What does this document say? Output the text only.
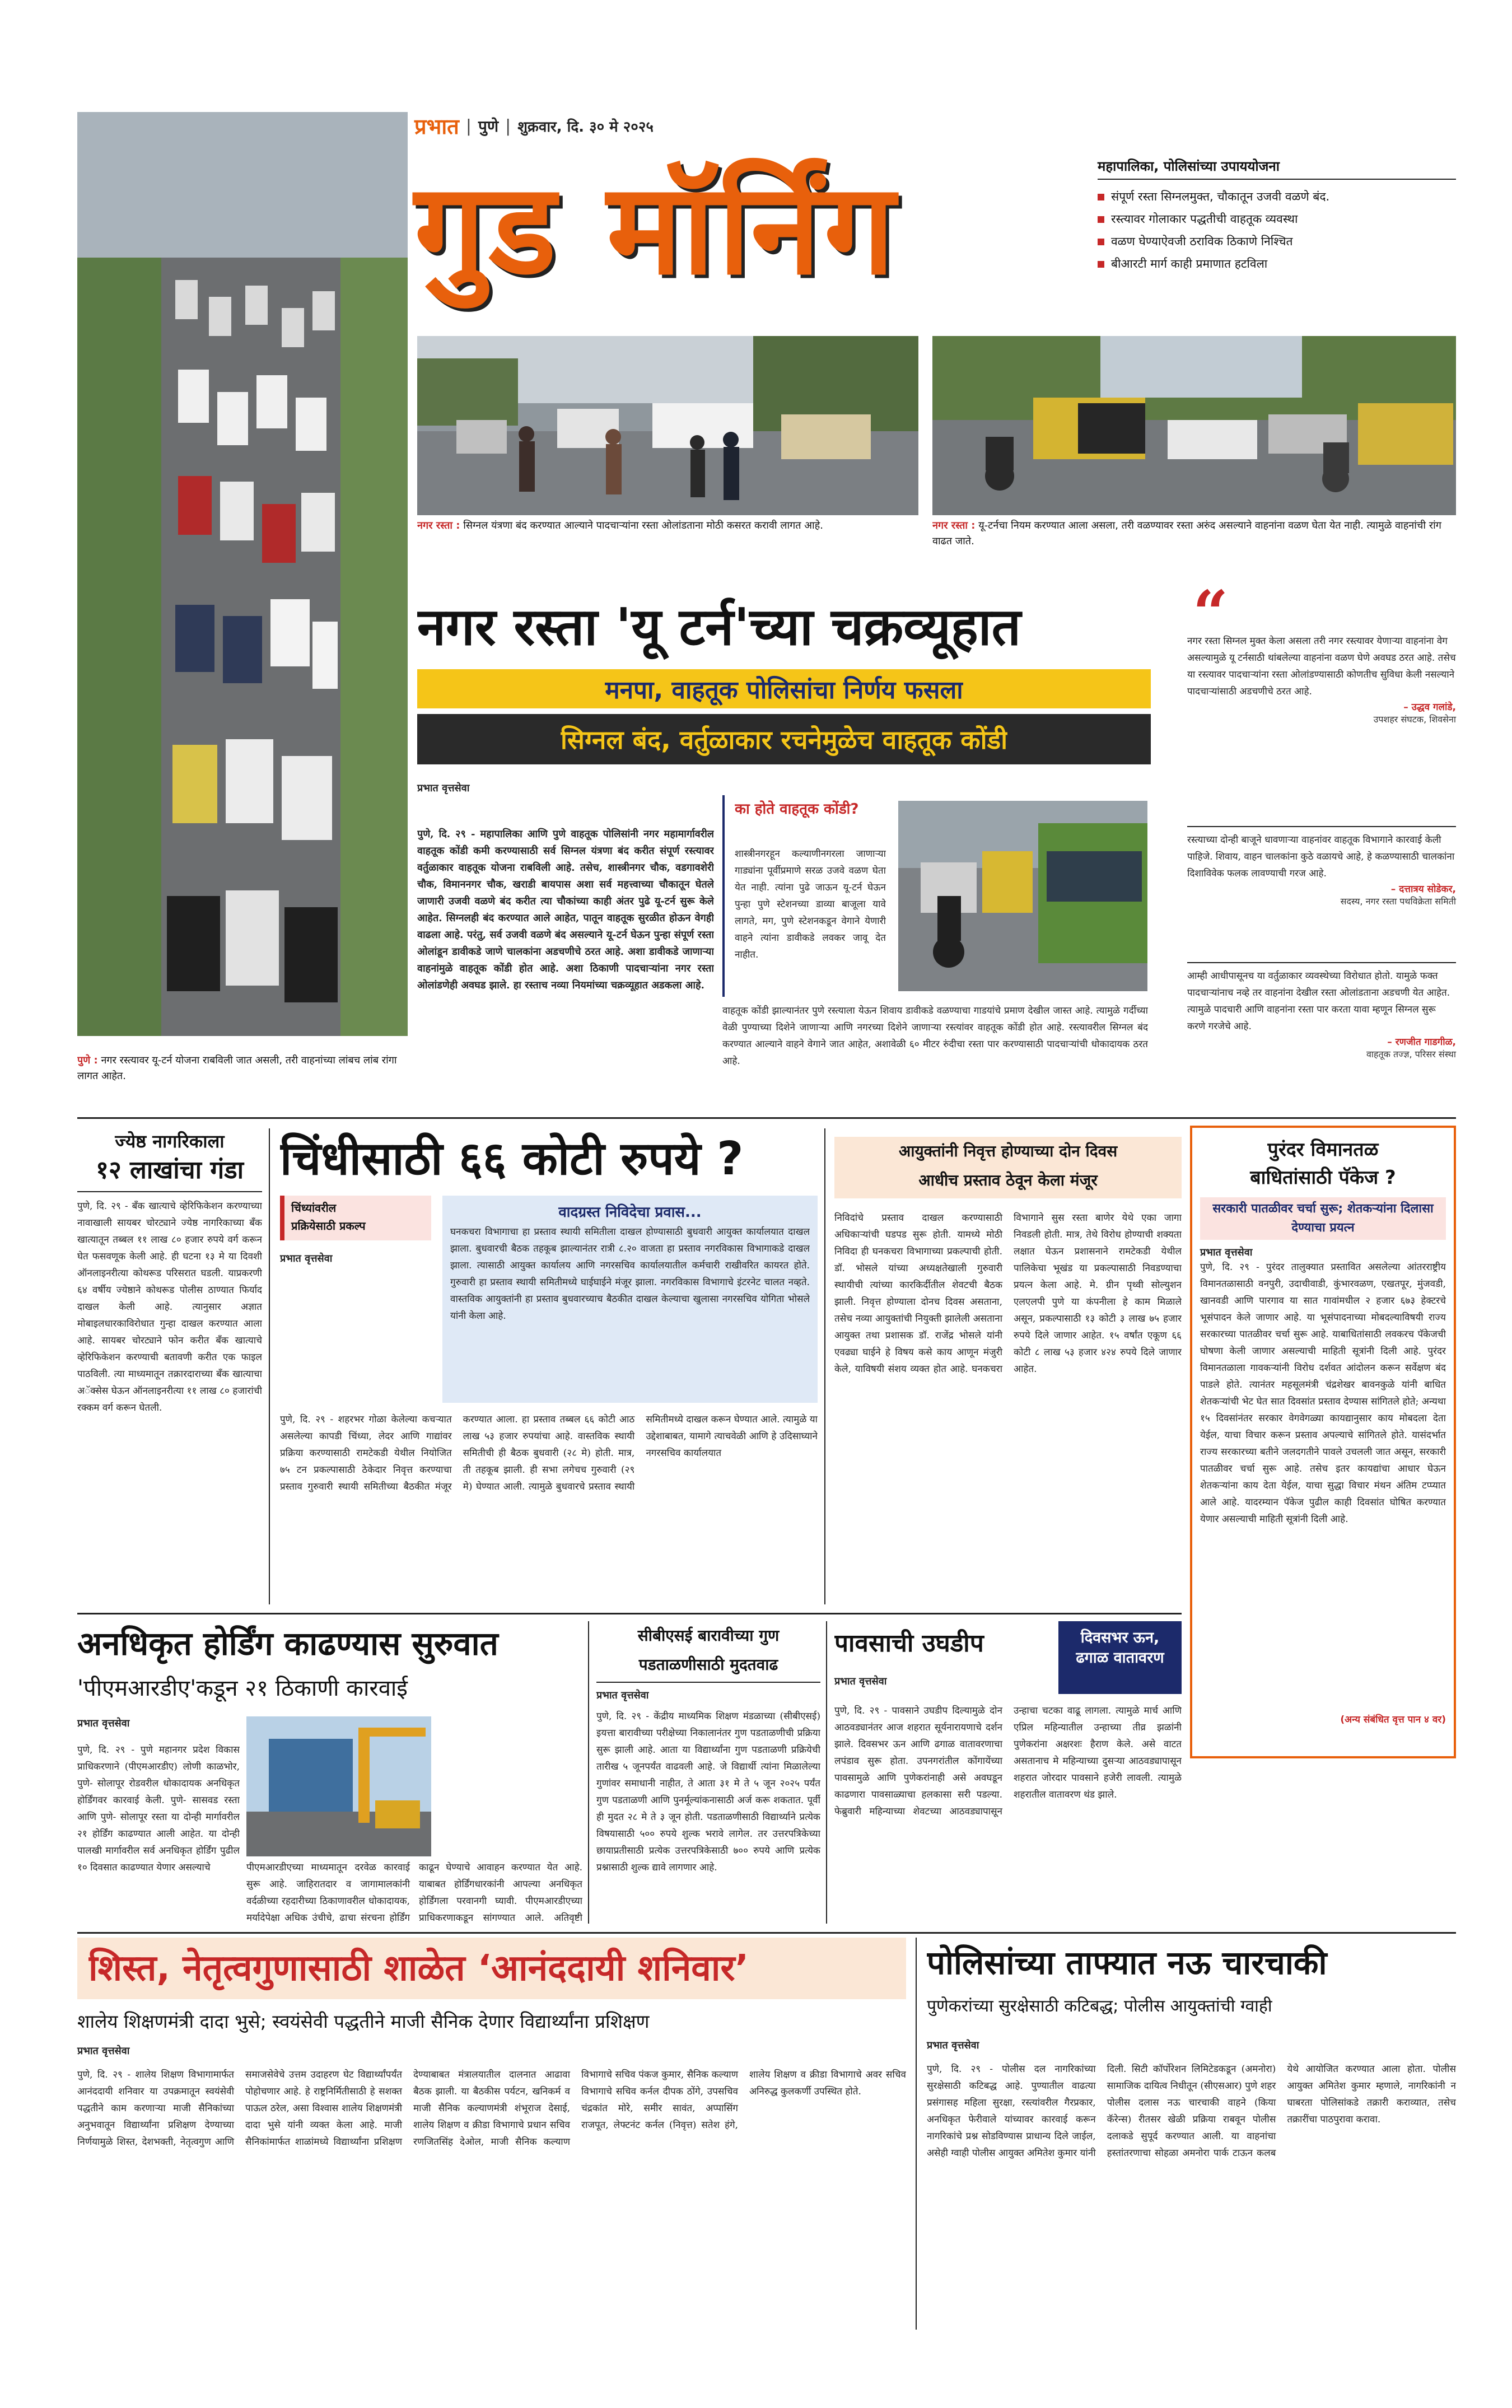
पुणे : नगर रस्त्यावर यू-टर्न योजना राबविली जात असली, तरी वाहनांच्या लांबच लांब रांगा लागत आहेत.
प्रभात | पुणे | शुक्रवार, दि. ३० मे २०२५
गुड मॉर्निंग	महापालिका, पोलिसांच्या उपाययोजना
संपूर्ण रस्ता सिग्नलमुक्त, चौकातून उजवी वळणे बंद.
रस्त्यावर गोलाकार पद्धतीची वाहतूक व्यवस्था
वळण घेण्याऐवजी ठराविक ठिकाणे निश्चित
बीआरटी मार्ग काही प्रमाणात हटविला
नगर रस्ता : सिग्नल यंत्रणा बंद करण्यात आल्याने पादचाऱ्यांना रस्ता ओलांडताना मोठी कसरत करावी लागत आहे.	नगर रस्ता : यू-टर्नचा नियम करण्यात आला असला, तरी वळण्यावर रस्ता अरुंद असल्याने वाहनांना वळण घेता येत नाही. त्यामुळे वाहनांची रांग वाढत जाते.
नगर रस्ता 'यू टर्न'च्या चक्रव्यूहात
मनपा, वाहतूक पोलिसांचा निर्णय फसला
सिग्नल बंद, वर्तुळाकार रचनेमुळेच वाहतूक कोंडी
प्रभात वृत्तसेवा
पुणे, दि. २९ - महापालिका आणि पुणे वाहतूक पोलिसांनी नगर महामार्गावरील वाहतूक कोंडी कमी करण्यासाठी सर्व सिग्नल यंत्रणा बंद करीत संपूर्ण रस्त्यावर वर्तुळाकार वाहतूक योजना राबविली आहे. तसेच, शास्त्रीनगर चौक, वडगावशेरी चौक, विमाननगर चौक, खराडी बायपास अशा सर्व महत्त्वाच्या चौकातून घेतले जाणारी उजवी वळणे बंद करीत त्या चौकांच्या काही अंतर पुढे यू-टर्न सुरू केले आहेत. सिग्नलही बंद करण्यात आले आहेत, पातून वाहतूक सुरळीत होऊन वेगही वाढला आहे. परंतु, सर्व उजवी वळणे बंद असल्याने यू-टर्न घेऊन पुन्हा संपूर्ण रस्ता ओलांडून डावीकडे जाणे चालकांना अडचणीचे ठरत आहे. अशा डावीकडे जाणाऱ्या वाहनांमुळे वाहतूक कोंडी होत आहे. अशा ठिकाणी पादचाऱ्यांना नगर रस्ता ओलांडणेही अवघड झाले. हा रस्ताच नव्या नियमांच्या चक्रव्यूहात अडकला आहे.
वाहतूक कोंडी झाल्यानंतर पुणे रस्त्याला येऊन शिवाय डावीकडे वळण्याचा गाडयांचे प्रमाण देखील जास्त आहे. त्यामुळे गर्दीच्या वेळी पुण्याच्या दिशेने जाणाऱ्या आणि नगरच्या दिशेने जाणाऱ्या रस्त्यांवर वाहतूक कोंडी होत आहे. रस्त्यावरील सिग्नल बंद करण्यात आल्याने वाहने वेगाने जात आहेत, अशावेळी ६० मीटर रुंदीचा रस्ता पार करण्यासाठी पादचाऱ्यांची धोकादायक ठरत आहे.
का होते वाहतूक कोंडी?
शास्त्रीनगरहून कल्याणीनगरला जाणाऱ्या गाड्यांना पूर्वीप्रमाणे सरळ उजवे वळण घेता येत नाही. त्यांना पुढे जाऊन यू-टर्न घेऊन पुन्हा पुणे स्टेशनच्या डाव्या बाजूला यावे लागते, मग, पुणे स्टेशनकडून वेगाने येणारी वाहने त्यांना डावीकडे लवकर जावू देत नाहीत.
“
नगर रस्ता सिग्नल मुक्त केला असला तरी नगर रस्त्यावर येणाऱ्या वाहनांना वेग असल्यामुळे यू टर्नसाठी थांबलेल्या वाहनांना वळण घेणे अवघड ठरत आहे. तसेच या रस्त्यावर पादचाऱ्यांना रस्ता ओलांडण्यासाठी कोणतीच सुविधा केली नसल्याने पादचाऱ्यांसाठी अडचणीचे ठरत आहे.
– उद्धव गलांडे,
उपशहर संघटक, शिवसेना
रस्त्याच्या दोन्ही बाजूने धावणाऱ्या वाहनांवर वाहतूक विभागाने कारवाई केली पाहिजे. शिवाय, वाहन चालकांना कुठे वळायचे आहे, हे कळण्यासाठी चालकांना दिशाविवेक फलक लावण्याची गरज आहे.
– दत्तात्रय सोडेकर,
सदस्य, नगर रस्ता पथविक्रेता समिती
आम्ही आधीपासूनच या वर्तुळाकार व्यवस्थेच्या विरोधात होतो. यामुळे फक्त पादचाऱ्यांनाच नव्हे तर वाहनांना देखील रस्ता ओलांडताना अडचणी येत आहेत. त्यामुळे पादचारी आणि वाहनांना रस्ता पार करता यावा म्हणून सिग्नल सुरू करणे गरजेचे आहे.
– रणजीत गाडगीळ,
वाहतूक तज्ज्ञ, परिसर संस्था
ज्येष्ठ नागरिकाला
१२ लाखांचा गंडा
पुणे, दि. २९ - बँक खात्याचे व्हेरिफिकेशन करण्याच्या नावाखाली सायबर चोरट्याने ज्येष्ठ नागरिकाच्या बँक खात्यातून तब्बल ११ लाख ८० हजार रुपये वर्ग करून घेत फसवणूक केली आहे. ही घटना १३ मे या दिवशी ऑनलाइनरीत्या कोथरूड परिसरात घडली. याप्रकरणी ६४ वर्षीय ज्येष्ठाने कोथरूड पोलीस ठाण्यात फिर्याद दाखल केली आहे. त्यानुसार अज्ञात मोबाइलधारकाविरोधात गुन्हा दाखल करण्यात आला आहे. सायबर चोरट्याने फोन करीत बँक खात्याचे व्हेरिफिकेशन करण्याची बतावणी करीत एक फाइल पाठविली. त्या माध्यमातून तक्रारदाराच्या बँक खात्याचा अॅक्सेस घेऊन ऑनलाइनरीत्या ११ लाख ८० हजारांची रक्कम वर्ग करून घेतली.
चिंधीसाठी ६६ कोटी रुपये ?
चिंध्यांवरील
प्रक्रियेसाठी प्रकल्प
प्रभात वृत्तसेवा
वादग्रस्त निविदेचा प्रवास...
घनकचरा विभागाचा हा प्रस्ताव स्थायी समितीला दाखल होण्यासाठी बुधवारी आयुक्त कार्यालयात दाखल झाला. बुधवारची बैठक तहकूब झाल्यानंतर रात्री ८.२० वाजता हा प्रस्ताव नगरविकास विभागाकडे दाखल झाला. त्यासाठी आयुक्त कार्यालय आणि नगरसचिव कार्यालयातील कर्मचारी राखीवरित कायरत होते. गुरुवारी हा प्रस्ताव स्थायी समितीमध्ये घाईघाईने मंजूर झाला. नगरविकास विभागाचे इंटरनेट चालत नव्हते. वास्तविक आयुक्तांनी हा प्रस्ताव बुधवारच्याच बैठकीत दाखल केल्याचा खुलासा नगरसचिव योगिता भोसले यांनी केला आहे.
पुणे, दि. २९ - शहरभर गोळा केलेल्या कचऱ्यात असलेल्या कापडी चिंध्या, लेदर आणि गाद्यांवर प्रक्रिया करण्यासाठी रामटेकडी येथील नियोजित ७५ टन प्रकल्पासाठी ठेकेदार निवृत्त करण्याचा प्रस्ताव गुरुवारी स्थायी समितीच्या बैठकीत मंजूर करण्यात आला. हा प्रस्ताव तब्बल ६६ कोटी आठ लाख ५३ हजार रुपयांचा आहे. वास्तविक स्थायी समितीची ही बैठक बुधवारी (२८ मे) होती. मात्र, ती तहकूब झाली. ही सभा लगेचच गुरुवारी (२९ मे) घेण्यात आली. त्यामुळे बुधवारचे प्रस्ताव स्थायी समितीमध्ये दाखल करून घेण्यात आले. त्यामुळे या उद्देशाबाबत, यामागे त्याचवेळी आणि हे उदिसाघ्याने नगरसचिव कार्यालयात
आयुक्तांनी निवृत्त होण्याच्या दोन दिवस
आधीच प्रस्ताव ठेवून केला मंजूर
निविदांचे प्रस्ताव दाखल करण्यासाठी अधिकाऱ्यांची घडपड सुरू होती. यामध्ये मोठी निविदा ही घनकचरा विभागाच्या प्रकल्पाची होती. डॉ. भोसले यांच्या अध्यक्षतेखाली गुरुवारी स्थायीची त्यांच्या कारकिर्दीतील शेवटची बैठक झाली. निवृत्त होण्याला दोनच दिवस असताना, तसेच नव्या आयुक्तांची नियुक्ती झालेली असताना आयुक्त तथा प्रशासक डॉ. राजेंद्र भोसले यांनी एवढ्या घाईने हे विषय कसे काय आणून मंजुरी केले, याविषयी संशय व्यक्त होत आहे. घनकचरा विभागाने सुस रस्ता बाणेर येथे एका जागा निवडली होती. मात्र, तेथे विरोध होण्याची शक्यता लक्षात घेऊन प्रशासनाने रामटेकडी येथील पालिकेचा भूखंड या प्रकल्पासाठी निवडण्याचा प्रयत्न केला आहे. मे. ग्रीन पृथ्वी सोल्युशन एलएलपी पुणे या कंपनीला हे काम मिळाले असून, प्रकल्पासाठी १३ कोटी ३ लाख ७५ हजार रुपये दिले जाणार आहेत. १५ वर्षांत एकूण ६६ कोटी ८ लाख ५३ हजार ४२४ रुपये दिले जाणार आहेत.
पुरंदर विमानतळ
बाधितांसाठी पॅकेज ?
सरकारी पातळीवर चर्चा सुरू; शेतकऱ्यांना दिलासा देण्याचा प्रयत्न
प्रभात वृत्तसेवा
पुणे, दि. २९ - पुरंदर तालुक्यात प्रस्तावित असलेल्या आंतरराष्ट्रीय विमानतळासाठी वनपुरी, उदाचीवाडी, कुंभारवळण, एखतपूर, मुंजवडी, खानवडी आणि पारगाव या सात गावांमधील २ हजार ६७३ हेक्टरचे भूसंपादन केले जाणार आहे. या भूसंपादनाच्या मोबदल्याविषयी राज्य सरकारच्या पातळीवर चर्चा सुरू आहे. याबाधितांसाठी लवकरच पॅकेजची घोषणा केली जाणार असल्याची माहिती सूत्रांनी दिली आहे. पुरंदर विमानतळाला गावकऱ्यांनी विरोध दर्शवत आंदोलन करून सर्वेक्षण बंद पाडले होते. त्यानंतर महसूलमंत्री चंद्रशेखर बावनकुळे यांनी बाधित शेतकऱ्यांची भेट घेत सात दिवसांत प्रस्ताव देण्यास सांगितले होते; अन्यथा १५ दिवसांनंतर सरकार वेगवेगळ्या कायद्यानुसार काय मोबदला देता येईल, याचा विचार करून प्रस्ताव अपल्याचे सांगितले होते. यासंदर्भात राज्य सरकारच्या बतीने जलदगतीने पावले उचलली जात असून, सरकारी पातळीवर चर्चा सुरू आहे. तसेच इतर कायद्यांचा आधार घेऊन शेतकऱ्यांना काय देता येईल, याचा सुद्धा विचार मंथन अंतिम टप्प्यात आले आहे. यादरम्यान पॅकेज पुढील काही दिवसांत घोषित करण्यात येणार असल्याची माहिती सूत्रांनी दिली आहे.
(अन्य संबंधित वृत्त पान ४ वर)
अनधिकृत होर्डिंग काढण्यास सुरुवात
'पीएमआरडीए'कडून २१ ठिकाणी कारवाई
प्रभात वृत्तसेवा
पुणे, दि. २९ - पुणे महानगर प्रदेश विकास प्राधिकरणाने (पीएमआरडीए) लोणी काळभोर, पुणे- सोलापूर रोडवरील धोकादायक अनधिकृत होर्डिंगवर कारवाई केली. पुणे- सासवड रस्ता आणि पुणे- सोलापूर रस्ता या दोन्ही मार्गावरील २१ होर्डिंग काढण्यात आली आहेत. या दोन्ही पालखी मार्गावरील सर्व अनधिकृत होर्डिंग पुढील १० दिवसात काढण्यात येणार असल्याचे	पीएमआरडीएच्या माध्यमातून दरवेळ कारवाई सुरू आहे. जाहिरातदार व जागामालकांनी वर्दळीच्या रहदारीच्या ठिकाणावरील धोकादायक, मर्यादेपेक्षा अधिक उंचीचे, ढाचा संरचना होर्डिंग काढून घेण्याचे आवाहन करण्यात येत आहे. याबाबत होर्डिंगधारकांनी आपल्या अनधिकृत होर्डिंगला परवानगी घ्यावी. पीएमआरडीएच्या प्राधिकरणाकडून सांगण्यात आले. अतिवृष्टी
सीबीएसई बारावीच्या गुण
पडताळणीसाठी मुदतवाढ
प्रभात वृत्तसेवा
पुणे, दि. २९ - केंद्रीय माध्यमिक शिक्षण मंडळाच्या (सीबीएसई) इयत्ता बारावीच्या परीक्षेच्या निकालानंतर गुण पडताळणीची प्रक्रिया सुरू झाली आहे. आता या विद्यार्थ्यांना गुण पडताळणी प्रक्रियेची तारीख ५ जूनपर्यंत वाढवली आहे. जे विद्यार्थी त्यांना मिळालेल्या गुणांवर समाधानी नाहीत, ते आता ३१ मे ते ५ जून २०२५ पर्यंत गुण पडताळणी आणि पुनर्मूल्यांकनासाठी अर्ज करू शकतात. पूर्वी ही मुदत २८ मे ते ३ जून होती. पडताळणीसाठी विद्यार्थ्याने प्रत्येक विषयासाठी ५०० रुपये शुल्क भरावे लागेल. तर उत्तरपत्रिकेच्या छायाप्रतीसाठी प्रत्येक उत्तरपत्रिकेसाठी ७०० रुपये आणि प्रत्येक प्रश्नासाठी शुल्क द्यावे लागणार आहे.
पावसाची उघडीप	दिवसभर ऊन, ढगाळ वातावरण
प्रभात वृत्तसेवा
पुणे, दि. २९ - पावसाने उघडीप दिल्यामुळे दोन आठवड्यानंतर आज शहरात सूर्यनारायणाचे दर्शन झाले. दिवसभर ऊन आणि ढगाळ वातावरणाचा लपंडाव सुरू होता. उपनगरांतील कोंगायेंच्या पावसामुळे आणि पुणेकरांनाही असे अवघडून काढणारा पावसाळ्याचा हलकासा सरी पडल्या. फेब्रुवारी महिन्याच्या शेवटच्या आठवड्यापासून उन्हाचा चटका वाढू लागला. त्यामुळे मार्च आणि एप्रिल महिन्यातील उन्हाच्या तीव्र झळांनी पुणेकरांना अक्षरशः हैराण केले. असे वाटत असतानाच मे महिन्याच्या दुसऱ्या आठवड्यापासून शहरात जोरदार पावसाने हजेरी लावली. त्यामुळे शहरातील वातावरण थंड झाले.
शिस्त, नेतृत्वगुणासाठी शाळेत ‘आनंददायी शनिवार’
शालेय शिक्षणमंत्री दादा भुसे; स्वयंसेवी पद्धतीने माजी सैनिक देणार विद्यार्थ्यांना प्रशिक्षण
प्रभात वृत्तसेवा
पुणे, दि. २९ - शालेय शिक्षण विभागामार्फत आनंददायी शनिवार या उपक्रमातून स्वयंसेवी पद्धतीने काम करणाऱ्या माजी सैनिकांच्या अनुभवातून विद्यार्थ्यांना प्रशिक्षण देण्याच्या निर्णयामुळे शिस्त, देशभक्ती, नेतृत्वगुण आणि समाजसेवेचे उत्तम उदाहरण घेट विद्यार्थ्यांपर्यंत पोहोचणार आहे. हे राष्ट्रनिर्मितीसाठी हे सशक्त पाऊल ठरेल, असा विश्वास शालेय शिक्षणमंत्री दादा भुसे यांनी व्यक्त केला आहे. माजी सैनिकांमार्फत शाळांमध्ये विद्यार्थ्यांना प्रशिक्षण देण्याबाबत मंत्रालयातील दालनात आढावा बैठक झाली. या बैठकीस पर्यटन, खनिकर्म व माजी सैनिक कल्याणमंत्री शंभूराज देसाई, शालेय शिक्षण व क्रीडा विभागाचे प्रधान सचिव रणजितसिंह देओल, माजी सैनिक कल्याण विभागाचे सचिव पंकज कुमार, सैनिक कल्याण विभागाचे सचिव कर्नल दीपक ठोंगे, उपसचिव चंद्रकांत मोरे, समीर सावंत, अप्पासिंग राजपूत, लेफ्टनंट कर्नल (निवृत्त) सतेश हंगे, शालेय शिक्षण व क्रीडा विभागाचे अवर सचिव अनिरुद्ध कुलकर्णी उपस्थित होते.
पोलिसांच्या ताफ्यात नऊ चारचाकी
पुणेकरांच्या सुरक्षेसाठी कटिबद्ध; पोलीस आयुक्तांची ग्वाही
प्रभात वृत्तसेवा
पुणे, दि. २९ - पोलीस दल नागरिकांच्या सुरक्षेसाठी कटिबद्ध आहे. पुण्यातील वाढत्या प्रसंगासह महिला सुरक्षा, रस्त्यांवरील गैरप्रकार, अनधिकृत फेरीवाले यांच्यावर कारवाई करून नागरिकांचे प्रश्न सोडविण्यास प्राधान्य दिले जाईल, असेही ग्वाही पोलीस आयुक्त अमितेश कुमार यांनी दिली. सिटी कॉर्पोरेशन लिमिटेडकडून (अमनोरा) सामाजिक दायित्व निधीतून (सीएसआर) पुणे शहर पोलीस दलास नऊ चारचाकी वाहने (किया कॅरेन्स) रीतसर खेळी प्रक्रिया राबवून पोलीस दलाकडे सुपूर्द करण्यात आली. या वाहनांचा हस्तांतरणाचा सोहळा अमनोरा पार्क टाऊन कलब येथे आयोजित करण्यात आला होता. पोलीस आयुक्त अमितेश कुमार म्हणाले, नागरिकांनी न घाबरता पोलिसांकडे तक्रारी कराव्यात, तसेच तक्रारींचा पाठपुरावा करावा.
